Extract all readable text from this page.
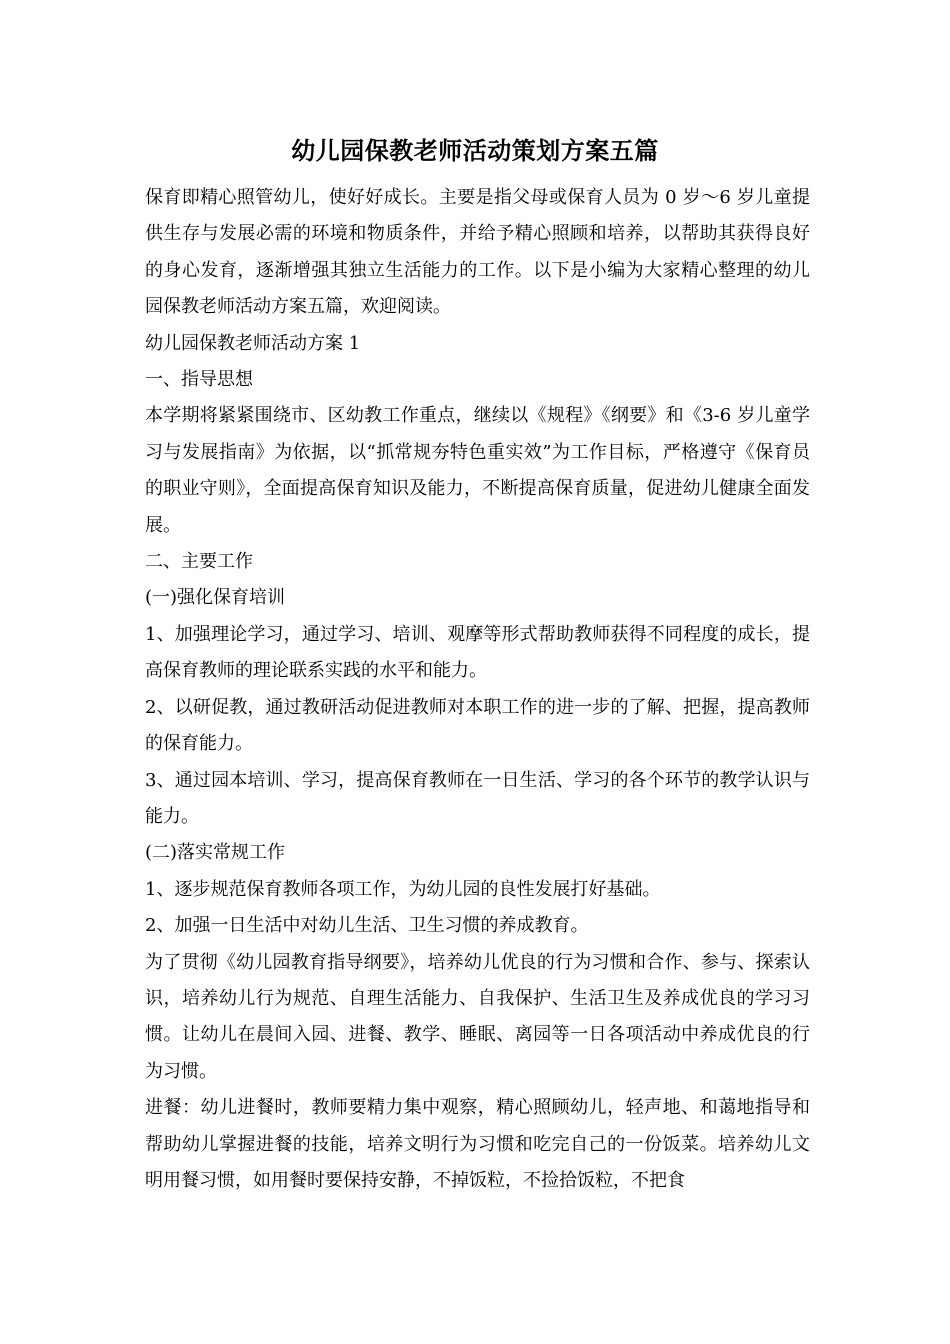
幼儿园保教老师活动策划方案五篇

保育即精心照管幼儿，使好好成长。主要是指父母或保育人员为 0 岁～6 岁儿童提供生存与发展必需的环境和物质条件，并给予精心照顾和培养，以帮助其获得良好的身心发育，逐渐增强其独立生活能力的工作。以下是小编为大家精心整理的幼儿园保教老师活动方案五篇，欢迎阅读。

幼儿园保教老师活动方案 1

一、指导思想

本学期将紧紧围绕市、区幼教工作重点，继续以《规程》《纲要》和《3-6 岁儿童学习与发展指南》为依据，以“抓常规夯特色重实效”为工作目标，严格遵守《保育员的职业守则》，全面提高保育知识及能力，不断提高保育质量，促进幼儿健康全面发展。

二、主要工作

(一)强化保育培训

1、加强理论学习，通过学习、培训、观摩等形式帮助教师获得不同程度的成长，提高保育教师的理论联系实践的水平和能力。

2、以研促教，通过教研活动促进教师对本职工作的进一步的了解、把握，提高教师的保育能力。

3、通过园本培训、学习，提高保育教师在一日生活、学习的各个环节的教学认识与能力。

(二)落实常规工作

1、逐步规范保育教师各项工作，为幼儿园的良性发展打好基础。

2、加强一日生活中对幼儿生活、卫生习惯的养成教育。

为了贯彻《幼儿园教育指导纲要》，培养幼儿优良的行为习惯和合作、参与、探索认识，培养幼儿行为规范、自理生活能力、自我保护、生活卫生及养成优良的学习习惯。让幼儿在晨间入园、进餐、教学、睡眠、离园等一日各项活动中养成优良的行为习惯。

进餐：幼儿进餐时，教师要精力集中观察，精心照顾幼儿，轻声地、和蔼地指导和帮助幼儿掌握进餐的技能，培养文明行为习惯和吃完自己的一份饭菜。培养幼儿文明用餐习惯，如用餐时要保持安静，不掉饭粒，不捡拾饭粒，不把食
